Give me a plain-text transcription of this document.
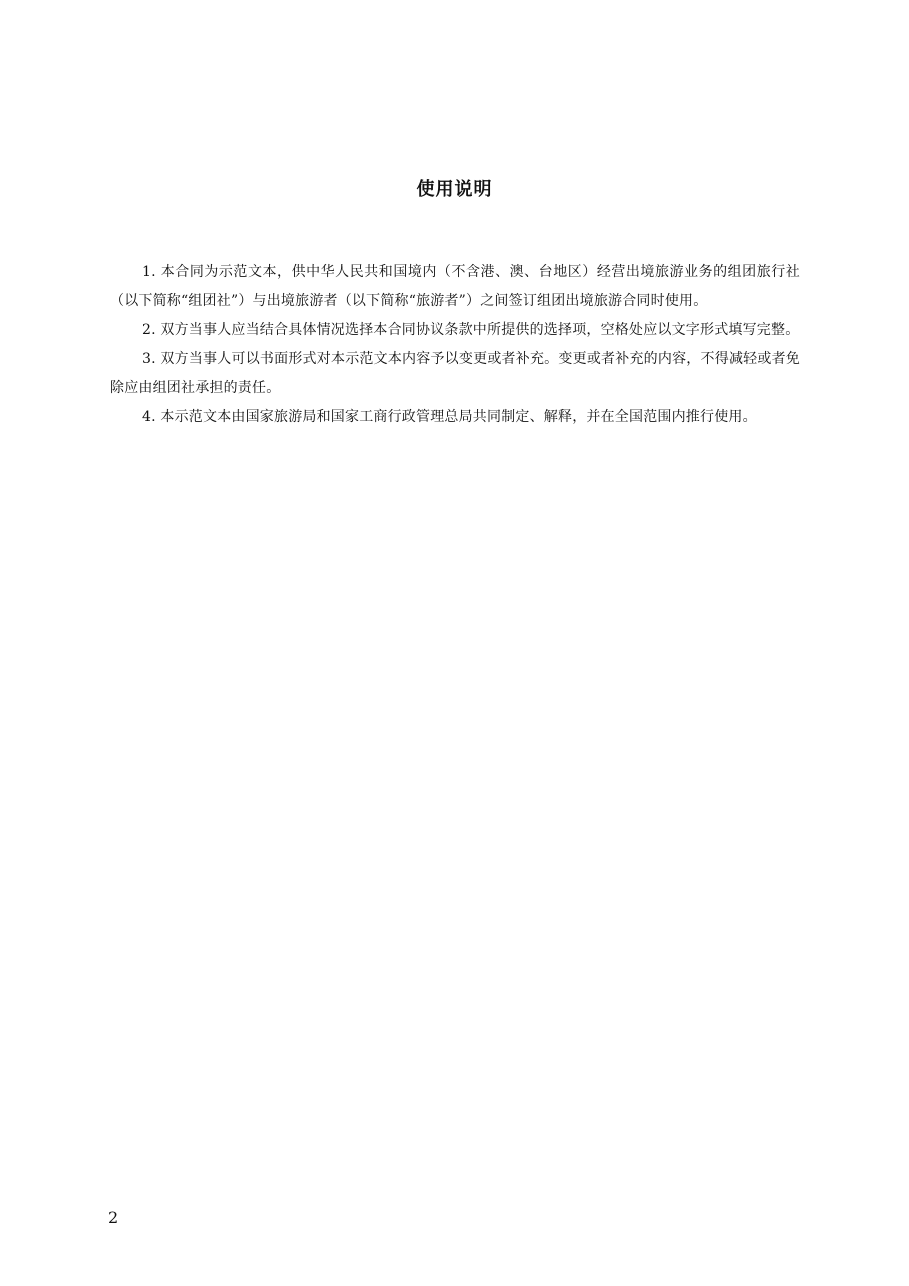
使用说明

1. 本合同为示范文本，供中华人民共和国境内（不含港、澳、台地区）经营出境旅游业务的组团旅行社（以下简称“组团社”）与出境旅游者（以下简称“旅游者”）之间签订组团出境旅游合同时使用。

2. 双方当事人应当结合具体情况选择本合同协议条款中所提供的选择项，空格处应以文字形式填写完整。

3. 双方当事人可以书面形式对本示范文本内容予以变更或者补充。变更或者补充的内容，不得减轻或者免除应由组团社承担的责任。

4. 本示范文本由国家旅游局和国家工商行政管理总局共同制定、解释，并在全国范围内推行使用。

2
